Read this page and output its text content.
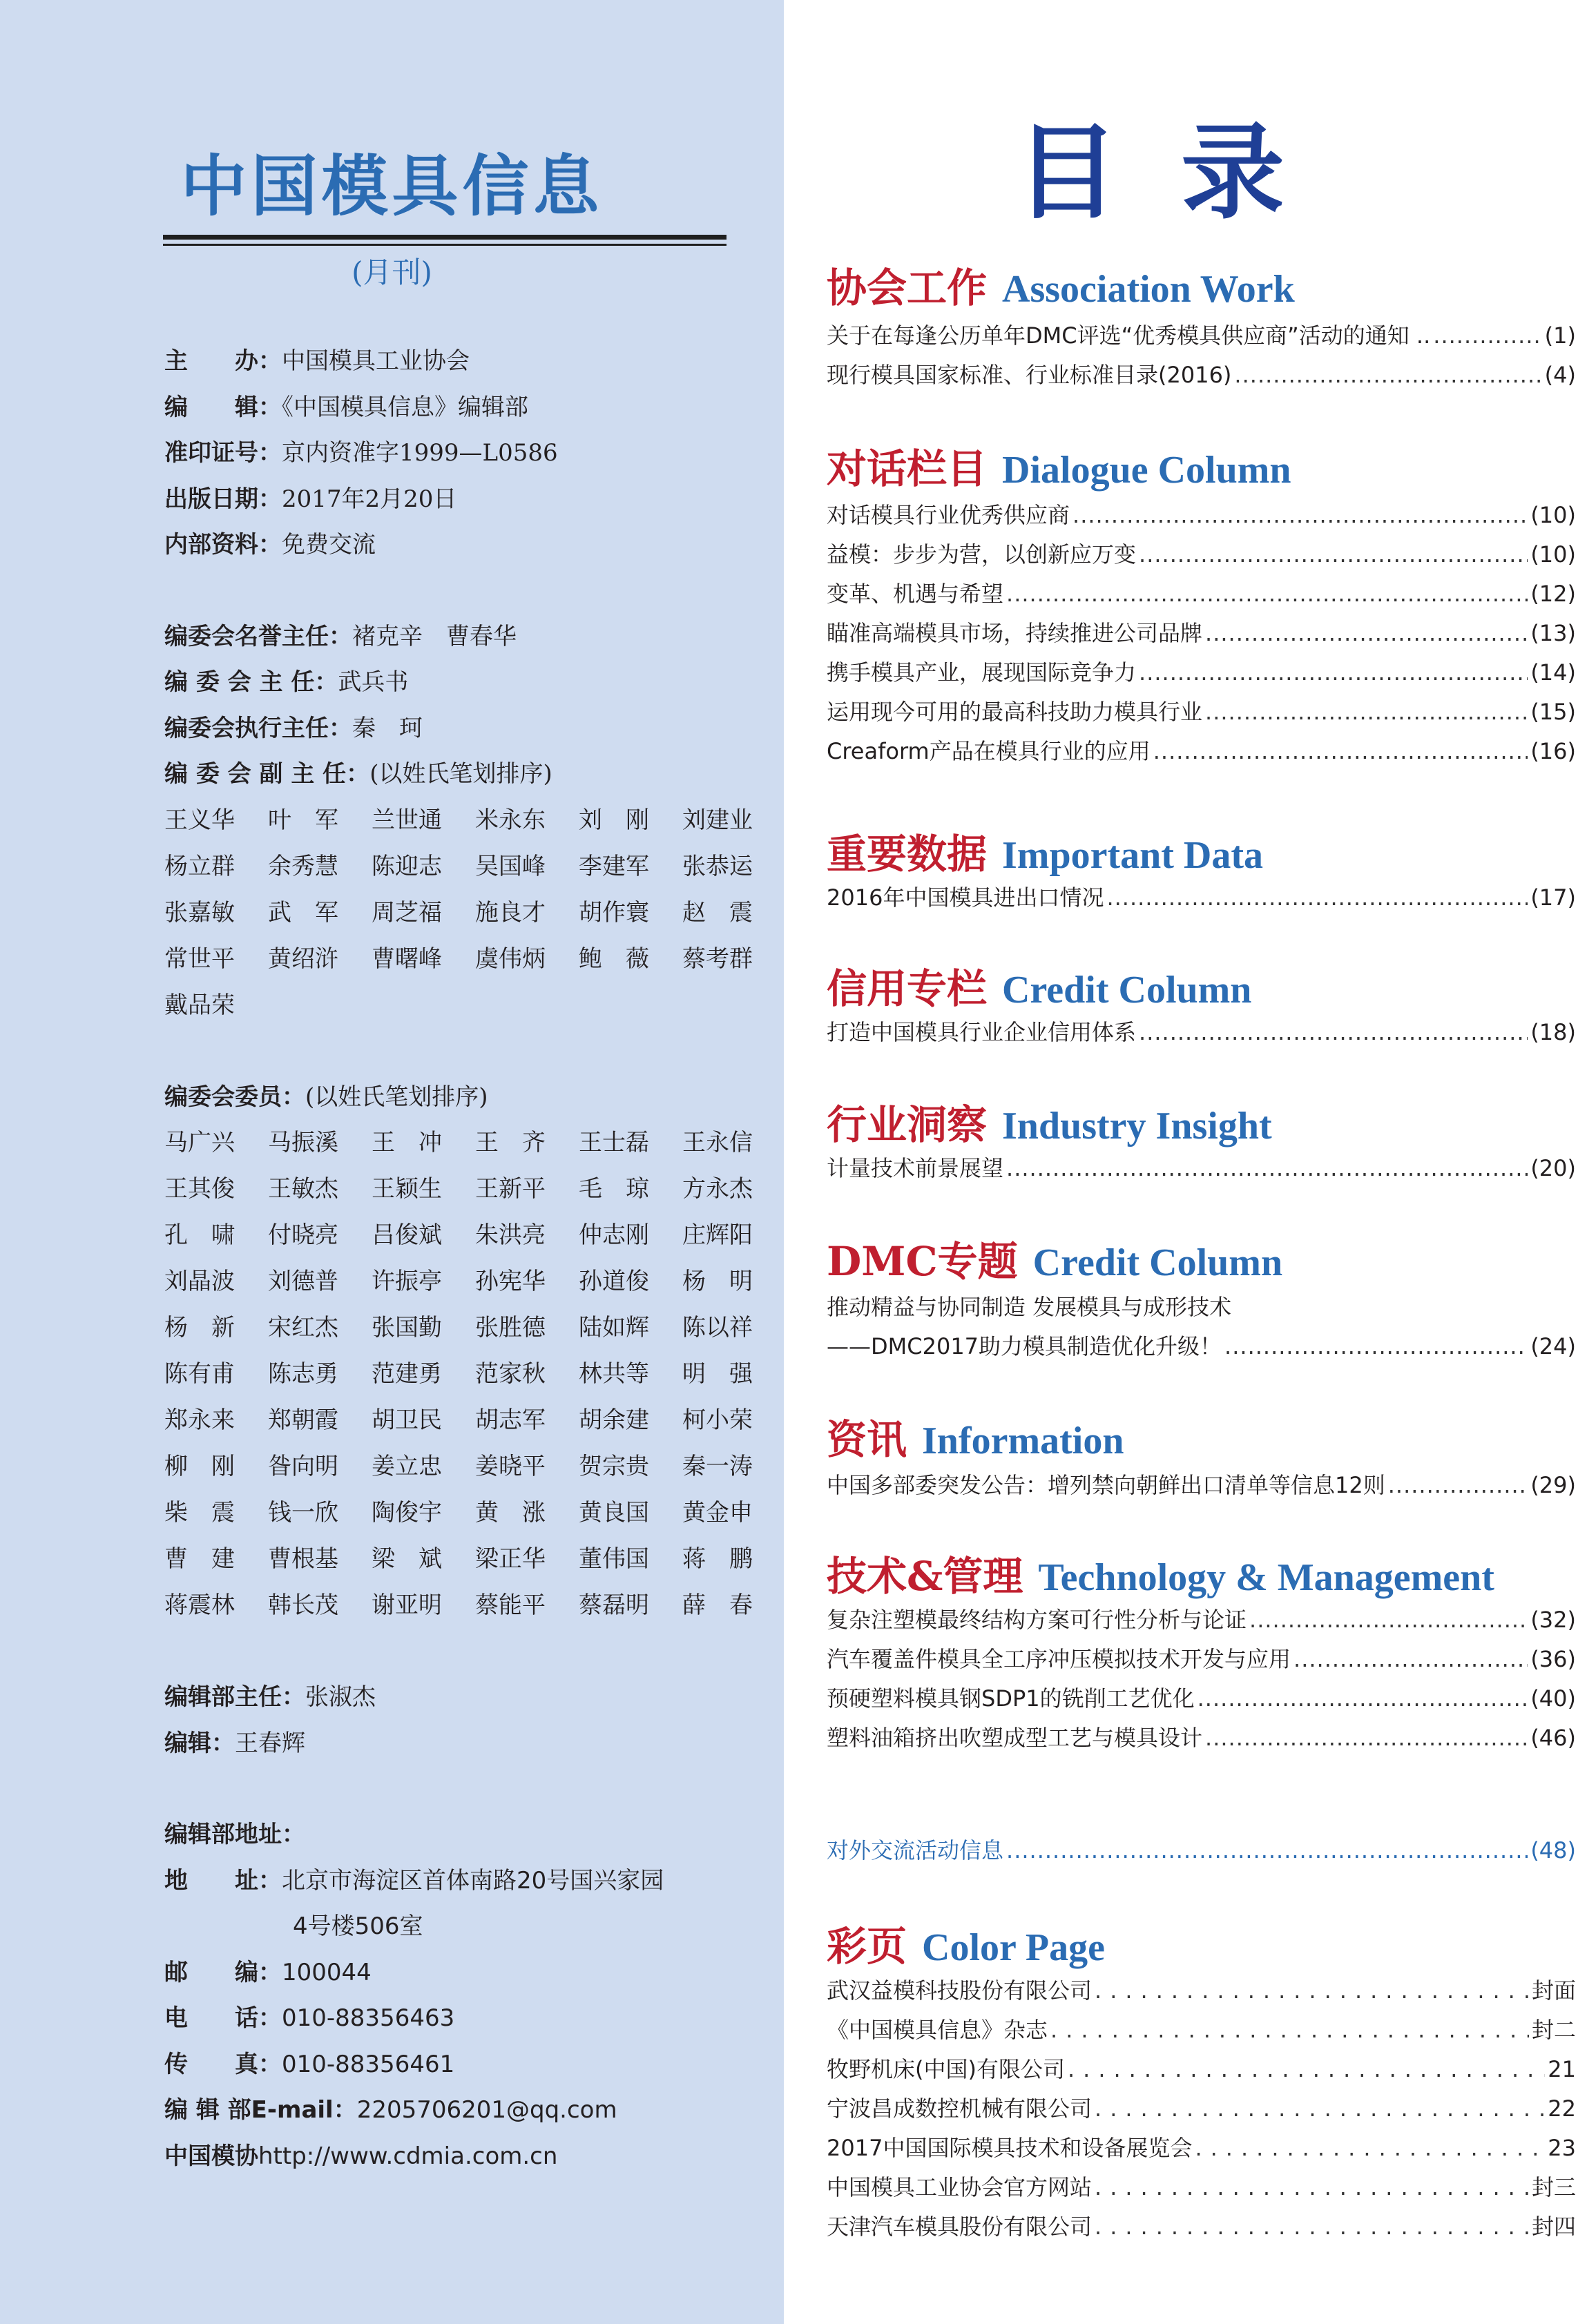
中国模具信息
(月刊)
主　　办：中国模具工业协会
编　　辑：《中国模具信息》编辑部
准印证号：京内资准字1999—L0586
出版日期：2017年2月20日
内部资料：免费交流
编委会名誉主任：褚克辛　曹春华
编 委 会 主 任：武兵书
编委会执行主任：秦　珂
编 委 会 副 主 任：(以姓氏笔划排序)
王义华	叶　军	兰世通	米永东	刘　刚	刘建业
杨立群	余秀慧	陈迎志	吴国峰	李建军	张恭运
张嘉敏	武　军	周芝福	施良才	胡作寰	赵　震
常世平	黄绍浒	曹曙峰	虞伟炳	鲍　薇	蔡考群
戴品荣
编委会委员：(以姓氏笔划排序)
马广兴	马振溪	王　冲	王　齐	王士磊	王永信
王其俊	王敏杰	王颖生	王新平	毛　琼	方永杰
孔　啸	付晓亮	吕俊斌	朱洪亮	仲志刚	庄辉阳
刘晶波	刘德普	许振亭	孙宪华	孙道俊	杨　明
杨　新	宋红杰	张国勤	张胜德	陆如辉	陈以祥
陈有甫	陈志勇	范建勇	范家秋	林共等	明　强
郑永来	郑朝霞	胡卫民	胡志军	胡余建	柯小荣
柳　刚	昝向明	姜立忠	姜晓平	贺宗贵	秦一涛
柴　震	钱一欣	陶俊宇	黄　涨	黄良国	黄金申
曹　建	曹根基	梁　斌	梁正华	董伟国	蒋　鹏
蒋震林	韩长茂	谢亚明	蔡能平	蔡磊明	薛　春
编辑部主任：张淑杰
编辑：王春辉
编辑部地址：
地　　址：北京市海淀区首体南路20号国兴家园
4号楼506室
邮　　编：100044
电　　话：010-88356463
传　　真：010-88356461
编 辑 部E-mail：2205706201@qq.com
中国模协http://www.cdmia.com.cn
目录
协会工作 Association Work
关于在每逢公历单年DMC评选“优秀模具供应商”活动的通知 .. .....	(1)
现行模具国家标准、行业标准目录(2016) .....	(4)
对话栏目 Dialogue Column
对话模具行业优秀供应商 .....	(10)
益模：步步为营，以创新应万变 .....	(10)
变革、机遇与希望 .....	(12)
瞄准高端模具市场，持续推进公司品牌 .....	(13)
携手模具产业，展现国际竞争力 .....	(14)
运用现今可用的最高科技助力模具行业 .....	(15)
Creaform产品在模具行业的应用 .....	(16)
重要数据 Important Data
2016年中国模具进出口情况 .....	(17)
信用专栏 Credit Column
打造中国模具行业企业信用体系 .....	(18)
行业洞察 Industry Insight
计量技术前景展望 .....	(20)
DMC专题 Credit Column
推动精益与协同制造 发展模具与成形技术
——DMC2017助力模具制造优化升级！ .....	(24)
资讯 Information
中国多部委突发公告：增列禁向朝鲜出口清单等信息12则 .....	(29)
技术&管理 Technology & Management
复杂注塑模最终结构方案可行性分析与论证 .....	(32)
汽车覆盖件模具全工序冲压模拟技术开发与应用 .....	(36)
预硬塑料模具钢SDP1的铣削工艺优化 .....	(40)
塑料油箱挤出吹塑成型工艺与模具设计 .....	(46)
对外交流活动信息 .....	(48)
彩页 Color Page
武汉益模科技股份有限公司 .....	封面
《中国模具信息》杂志 .....	封二
牧野机床(中国)有限公司 .....	21
宁波昌成数控机械有限公司 .....	22
2017中国国际模具技术和设备展览会 .....	23
中国模具工业协会官方网站 .....	封三
天津汽车模具股份有限公司 .....	封四
